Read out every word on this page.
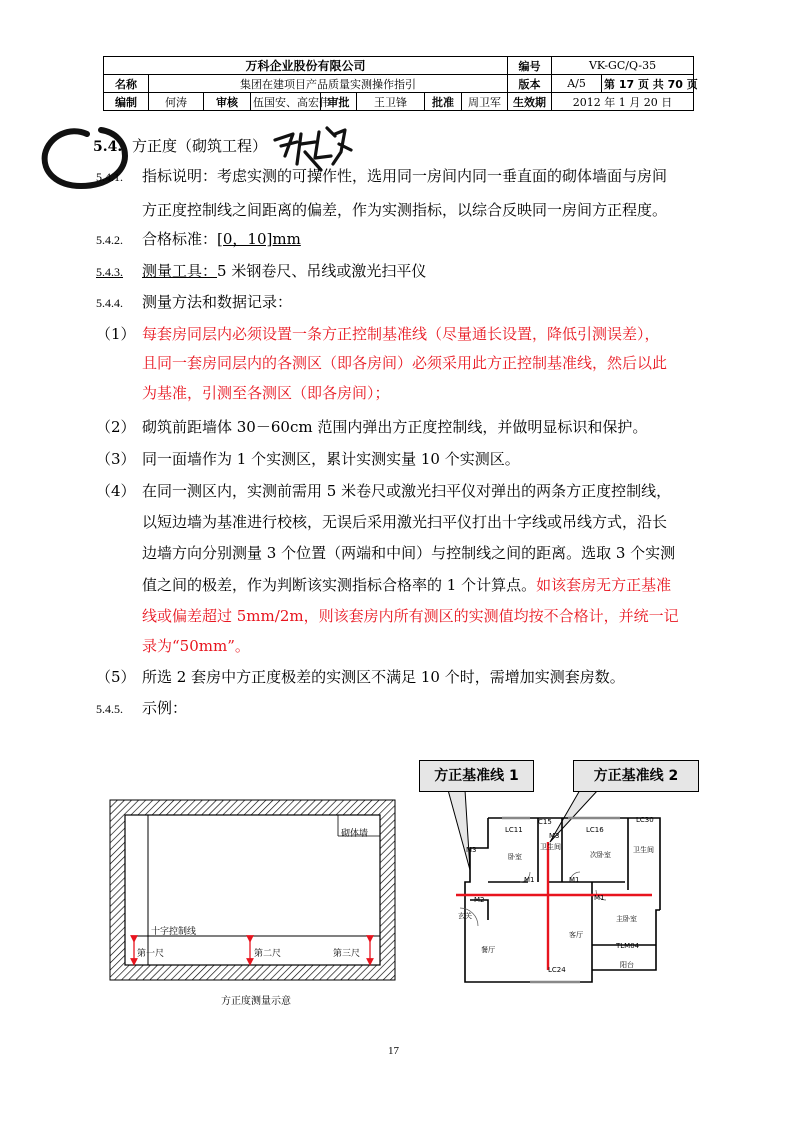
万科企业股份有限公司								编号	VK-GC/Q-35	
名称	集团在建项目产品质量实测操作指引							版本	A/5	第 17 页 共 70 页
编制	何涛	审核	伍国安、高宏伟	审批	王卫锋	批准	周卫军	生效期	2012 年 1 月 20 日	
5.4. 方正度（砌筑工程）
5.4.1. 指标说明：考虑实测的可操作性，选用同一房间内同一垂直面的砌体墙面与房间
方正度控制线之间距离的偏差，作为实测指标，以综合反映同一房间方正程度。
5.4.2. 合格标准：[0，10]mm
5.4.3. 测量工具：5 米钢卷尺、吊线或激光扫平仪
5.4.4. 测量方法和数据记录：
（1） 每套房同层内必须设置一条方正控制基准线（尽量通长设置，降低引测误差），
且同一套房同层内的各测区（即各房间）必须采用此方正控制基准线，然后以此
为基准，引测至各测区（即各房间）；
（2） 砌筑前距墙体 30－60cm 范围内弹出方正度控制线，并做明显标识和保护。
（3） 同一面墙作为 1 个实测区，累计实测实量 10 个实测区。
（4） 在同一测区内，实测前需用 5 米卷尺或激光扫平仪对弹出的两条方正度控制线，
以短边墙为基准进行校核，无误后采用激光扫平仪打出十字线或吊线方式，沿长
边墙方向分别测量 3 个位置（两端和中间）与控制线之间的距离。选取 3 个实测
值之间的极差，作为判断该实测指标合格率的 1 个计算点。如该套房无方正基准
线或偏差超过 5mm/2m，则该套房内所有测区的实测值均按不合格计，并统一记
录为“50mm”。
（5） 所选 2 套房中方正度极差的实测区不满足 10 个时，需增加实测套房数。
5.4.5. 示例：
砌体墙
十字控制线
第一尺	第二尺	第三尺
方正度测量示意
卧室
卫生间
次卧室
卫生间
玄关
餐厅
客厅
主卧室
阳台
LC11	LC16
LC30
LC24
TLM04
M1	M1
M1
M2
M3
M3
C15
方正基准线 1	方正基准线 2
17
